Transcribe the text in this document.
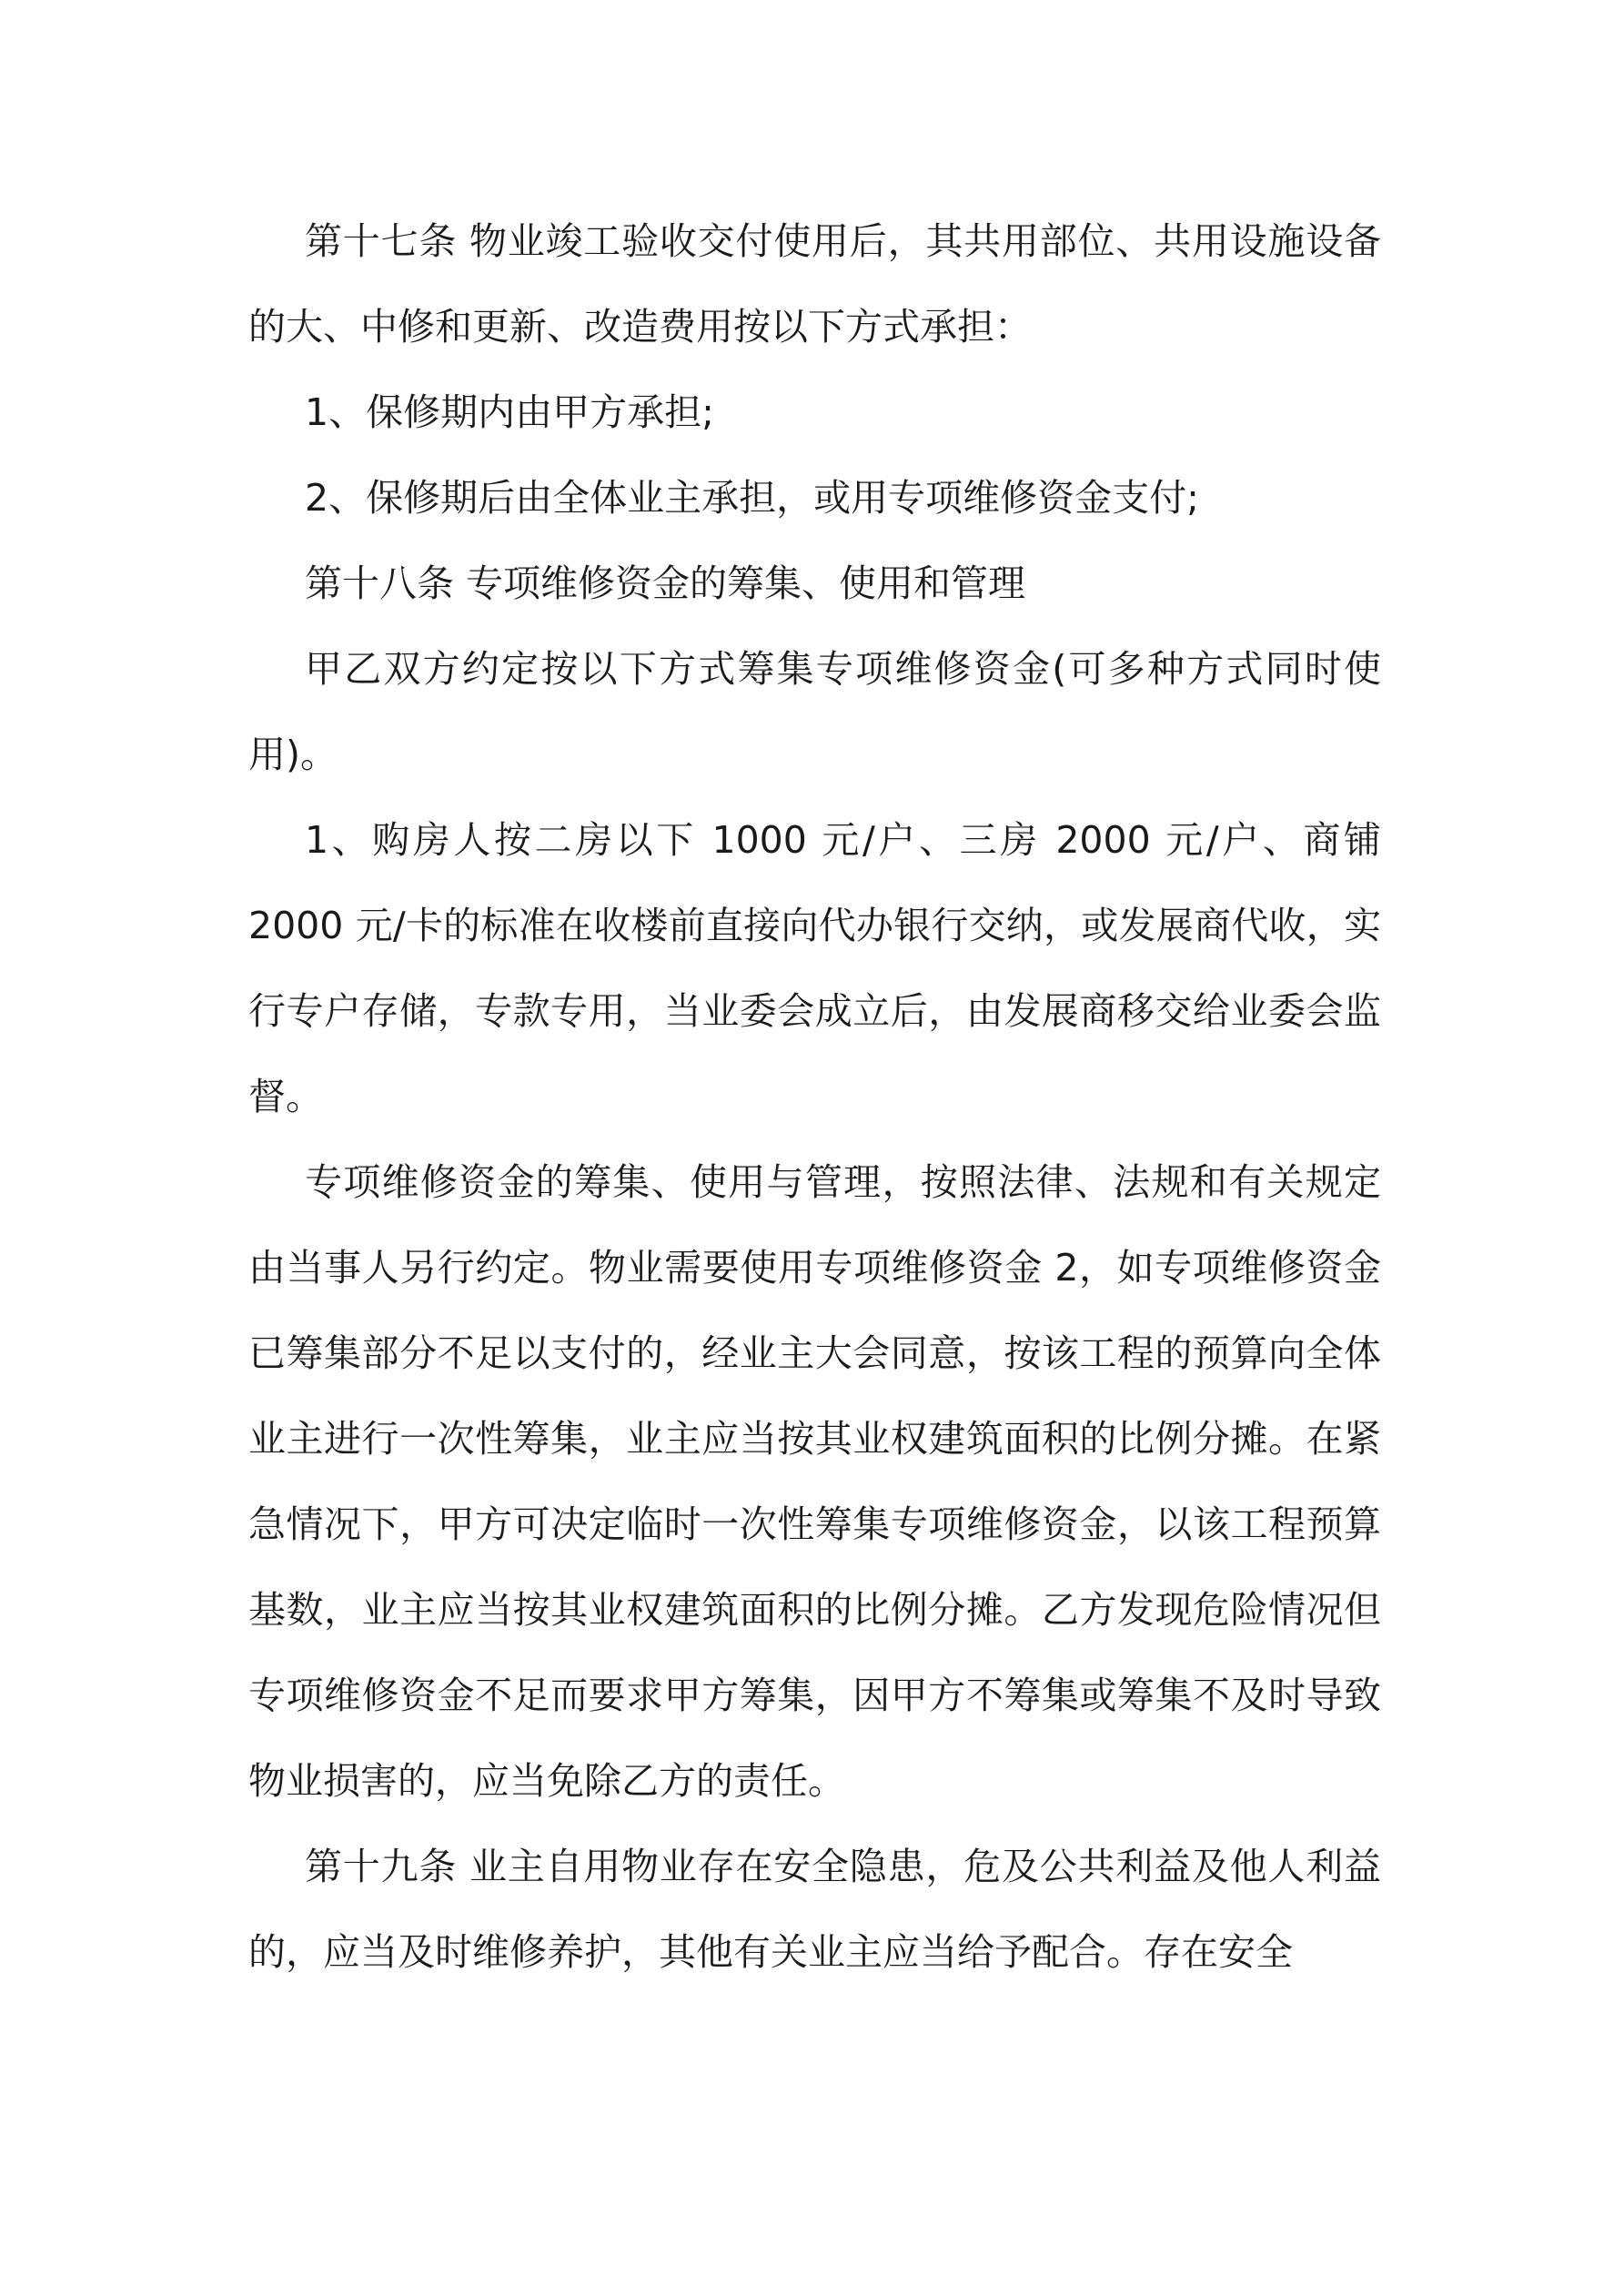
第十七条 物业竣工验收交付使用后，其共用部位、共用设施设备的大、中修和更新、改造费用按以下方式承担：

1、保修期内由甲方承担;

2、保修期后由全体业主承担，或用专项维修资金支付;

第十八条 专项维修资金的筹集、使用和管理

甲乙双方约定按以下方式筹集专项维修资金(可多种方式同时使用)。

1、购房人按二房以下 1000 元/户、三房 2000 元/户、商铺 2000 元/卡的标准在收楼前直接向代办银行交纳，或发展商代收，实行专户存储，专款专用，当业委会成立后，由发展商移交给业委会监督。

专项维修资金的筹集、使用与管理，按照法律、法规和有关规定由当事人另行约定。物业需要使用专项维修资金 2，如专项维修资金已筹集部分不足以支付的，经业主大会同意，按该工程的预算向全体业主进行一次性筹集，业主应当按其业权建筑面积的比例分摊。在紧急情况下，甲方可决定临时一次性筹集专项维修资金，以该工程预算基数，业主应当按其业权建筑面积的比例分摊。乙方发现危险情况但专项维修资金不足而要求甲方筹集，因甲方不筹集或筹集不及时导致物业损害的，应当免除乙方的责任。

第十九条 业主自用物业存在安全隐患，危及公共利益及他人利益的，应当及时维修养护，其他有关业主应当给予配合。存在安全
